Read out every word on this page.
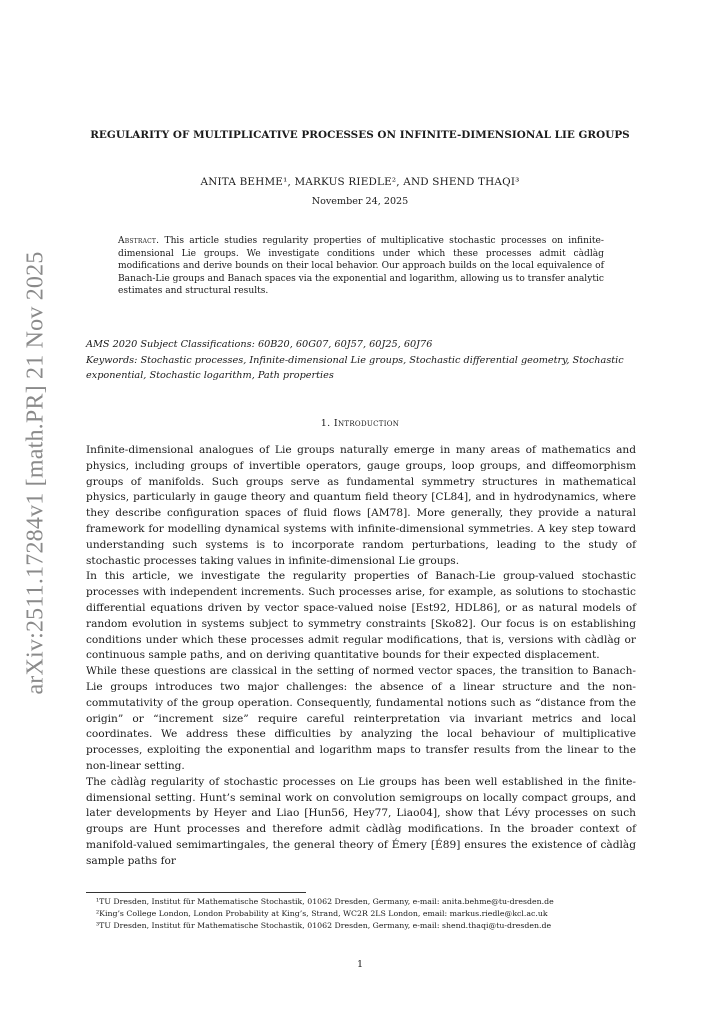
arXiv:2511.17284v1 [math.PR] 21 Nov 2025
REGULARITY OF MULTIPLICATIVE PROCESSES ON INFINITE-DIMENSIONAL LIE GROUPS
ANITA BEHME¹, MARKUS RIEDLE², AND SHEND THAQI³
November 24, 2025
Abstract. This article studies regularity properties of multiplicative stochastic processes on infinite-dimensional Lie groups. We investigate conditions under which these processes admit càdlàg modifications and derive bounds on their local behavior. Our approach builds on the local equivalence of Banach-Lie groups and Banach spaces via the exponential and logarithm, allowing us to transfer analytic estimates and structural results.
AMS 2020 Subject Classifications: 60B20, 60G07, 60J57, 60J25, 60J76
Keywords: Stochastic processes, Infinite-dimensional Lie groups, Stochastic differential geometry, Stochastic exponential, Stochastic logarithm, Path properties
1. Introduction

Infinite-dimensional analogues of Lie groups naturally emerge in many areas of mathematics and physics, including groups of invertible operators, gauge groups, loop groups, and diffeomorphism groups of manifolds. Such groups serve as fundamental symmetry structures in mathematical physics, particularly in gauge theory and quantum field theory [CL84], and in hydrodynamics, where they describe configuration spaces of fluid flows [AM78]. More generally, they provide a natural framework for modelling dynamical systems with infinite-dimensional symmetries. A key step toward understanding such systems is to incorporate random perturbations, leading to the study of stochastic processes taking values in infinite-dimensional Lie groups.

In this article, we investigate the regularity properties of Banach-Lie group-valued stochastic processes with independent increments. Such processes arise, for example, as solutions to stochastic differential equations driven by vector space-valued noise [Est92, HDL86], or as natural models of random evolution in systems subject to symmetry constraints [Sko82]. Our focus is on establishing conditions under which these processes admit regular modifications, that is, versions with càdlàg or continuous sample paths, and on deriving quantitative bounds for their expected displacement.

While these questions are classical in the setting of normed vector spaces, the transition to Banach-Lie groups introduces two major challenges: the absence of a linear structure and the non-commutativity of the group operation. Consequently, fundamental notions such as “distance from the origin” or “increment size” require careful reinterpretation via invariant metrics and local coordinates. We address these difficulties by analyzing the local behaviour of multiplicative processes, exploiting the exponential and logarithm maps to transfer results from the linear to the non-linear setting.

The càdlàg regularity of stochastic processes on Lie groups has been well established in the finite-dimensional setting. Hunt’s seminal work on convolution semigroups on locally compact groups, and later developments by Heyer and Liao [Hun56, Hey77, Liao04], show that Lévy processes on such groups are Hunt processes and therefore admit càdlàg modifications. In the broader context of manifold-valued semimartingales, the general theory of Émery [É89] ensures the existence of càdlàg sample paths for

¹TU Dresden, Institut für Mathematische Stochastik, 01062 Dresden, Germany, e-mail: anita.behme@tu-dresden.de
²King’s College London, London Probability at King’s, Strand, WC2R 2LS London, email: markus.riedle@kcl.ac.uk
³TU Dresden, Institut für Mathematische Stochastik, 01062 Dresden, Germany, e-mail: shend.thaqi@tu-dresden.de
1
